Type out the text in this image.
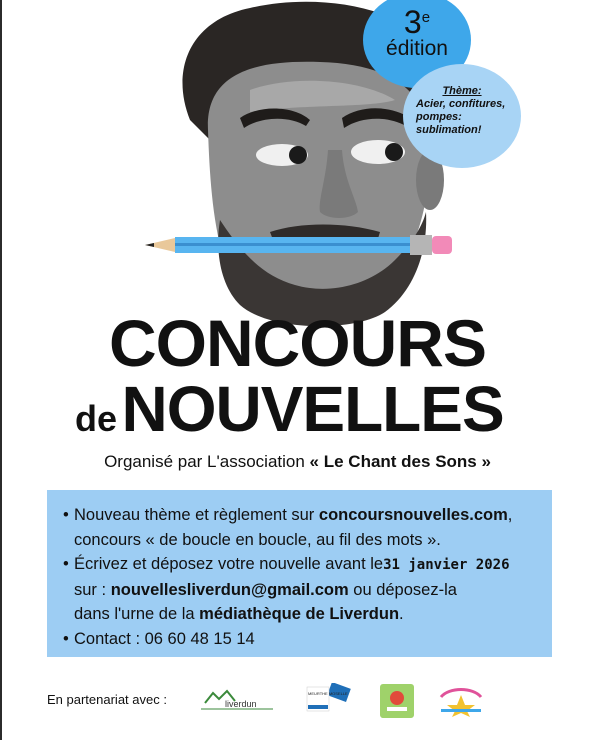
3e
édition
Thème:
Acier, confitures, pompes: sublimation!
CONCOURS
de NOUVELLES
Organisé par L'association « Le Chant des Sons »
• Nouveau thème et règlement sur concoursnouvelles.com,
concours « de boucle en boucle, au fil des mots ».
• Écrivez et déposez votre nouvelle avant le31 janvier 2026
sur : nouvellesliverdun@gmail.com ou déposez-la
dans l'urne de la médiathèque de Liverdun.
• Contact : 06 60 48 15 14
En partenariat avec :	liverdun
MEURTHE MOSELLE
